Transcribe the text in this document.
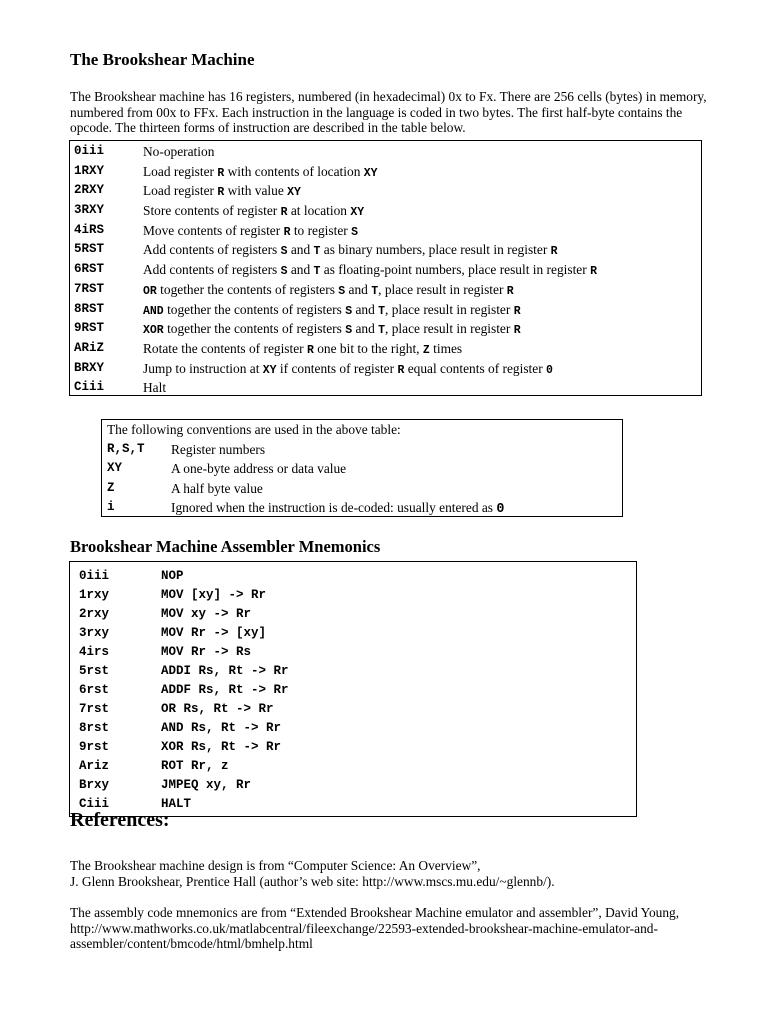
The Brookshear Machine

The Brookshear machine has 16 registers, numbered (in hexadecimal) 0x to Fx. There are 256 cells (bytes) in memory, numbered from 00x to FFx. Each instruction in the language is coded in two bytes. The first half-byte contains the opcode. The thirteen forms of instruction are described in the table below.

0iii	No-operation
1RXY	Load register R with contents of location XY
2RXY	Load register R with value XY
3RXY	Store contents of register R at location XY
4iRS	Move contents of register R to register S
5RST	Add contents of registers S and T as binary numbers, place result in register R
6RST	Add contents of registers S and T as floating-point numbers, place result in register R
7RST	OR together the contents of registers S and T, place result in register R
8RST	AND together the contents of registers S and T, place result in register R
9RST	XOR together the contents of registers S and T, place result in register R
ARiZ	Rotate the contents of register R one bit to the right, Z times
BRXY	Jump to instruction at XY if contents of register R equal contents of register 0
Ciii	Halt
The following conventions are used in the above table:
R,S,T Register numbers
XY	A one-byte address or data value
Z	A half byte value
i	Ignored when the instruction is de-coded: usually entered as 0
Brookshear Machine Assembler Mnemonics
0iii	NOP
1rxy	MOV [xy] -> Rr
2rxy	MOV xy -> Rr
3rxy	MOV Rr -> [xy]
4irs	MOV Rr -> Rs
5rst	ADDI Rs, Rt -> Rr
6rst	ADDF Rs, Rt -> Rr
7rst	OR Rs, Rt -> Rr
8rst	AND Rs, Rt -> Rr
9rst	XOR Rs, Rt -> Rr
Ariz	ROT Rr, z
Brxy	JMPEQ xy, Rr
Ciii	HALT
References:

The Brookshear machine design is from “Computer Science: An Overview”,
J. Glenn Brookshear, Prentice Hall (author’s web site: http://www.mscs.mu.edu/~glennb/).

The assembly code mnemonics are from “Extended Brookshear Machine emulator and assembler”, David Young, http://www.mathworks.co.uk/matlabcentral/fileexchange/22593-extended-brookshear-machine-emulator-and-assembler/content/bmcode/html/bmhelp.html
